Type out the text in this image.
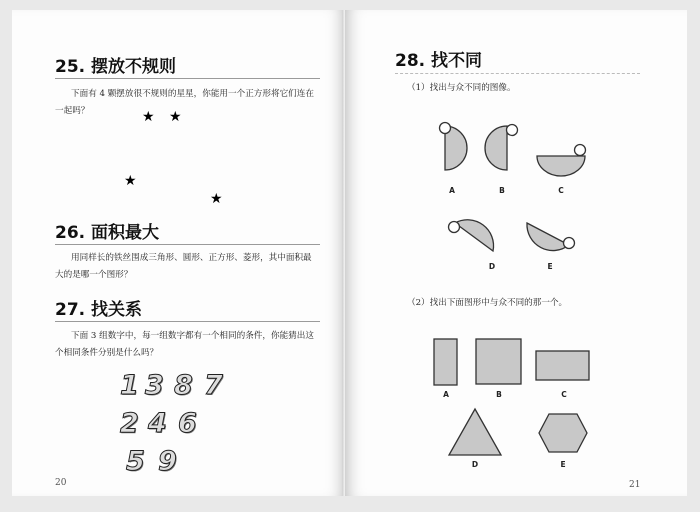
25. 摆放不规则

下面有 4 颗摆放很不规则的星星，你能用一个正方形将它们连在一起吗？	★ ★
★
★
26. 面积最大

用同样长的铁丝围成三角形、圆形、正方形、菱形，其中面积最大的是哪一个图形？

27. 找关系

下面 3 组数字中，每一组数字都有一个相同的条件，你能猜出这个相同条件分别是什么吗？

1 3 8 7
2 4 6
5 9
20
28. 找不同

（1）找出与众不同的图像。

A	B	C
D	E

（2）找出下面图形中与众不同的那一个。

A	B	C
D	E
21
